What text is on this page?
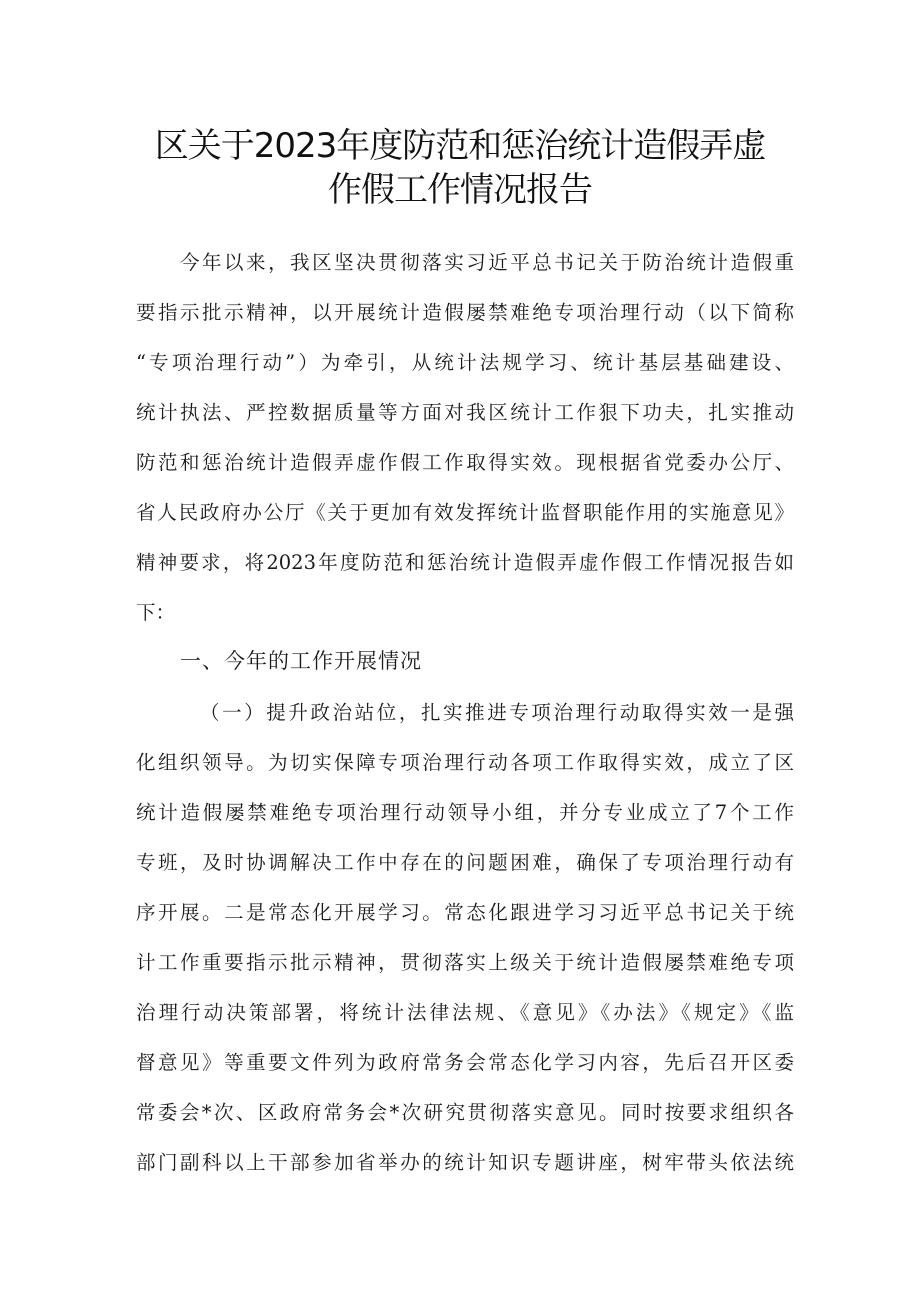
区关于2023年度防范和惩治统计造假弄虚
作假工作情况报告
今年以来，我区坚决贯彻落实习近平总书记关于防治统计造假重
要指示批示精神，以开展统计造假屡禁难绝专项治理行动（以下简称
“专项治理行动”）为牵引，从统计法规学习、统计基层基础建设、
统计执法、严控数据质量等方面对我区统计工作狠下功夫，扎实推动
防范和惩治统计造假弄虚作假工作取得实效。现根据省党委办公厅、
省人民政府办公厅《关于更加有效发挥统计监督职能作用的实施意见》
精神要求，将2023年度防范和惩治统计造假弄虚作假工作情况报告如
下：
一、今年的工作开展情况
（一）提升政治站位，扎实推进专项治理行动取得实效一是强
化组织领导。为切实保障专项治理行动各项工作取得实效，成立了区
统计造假屡禁难绝专项治理行动领导小组，并分专业成立了7个工作
专班，及时协调解决工作中存在的问题困难，确保了专项治理行动有
序开展。二是常态化开展学习。常态化跟进学习习近平总书记关于统
计工作重要指示批示精神，贯彻落实上级关于统计造假屡禁难绝专项
治理行动决策部署，将统计法律法规、《意见》《办法》《规定》《监
督意见》等重要文件列为政府常务会常态化学习内容，先后召开区委
常委会*次、区政府常务会*次研究贯彻落实意见。同时按要求组织各
部门副科以上干部参加省举办的统计知识专题讲座，树牢带头依法统
